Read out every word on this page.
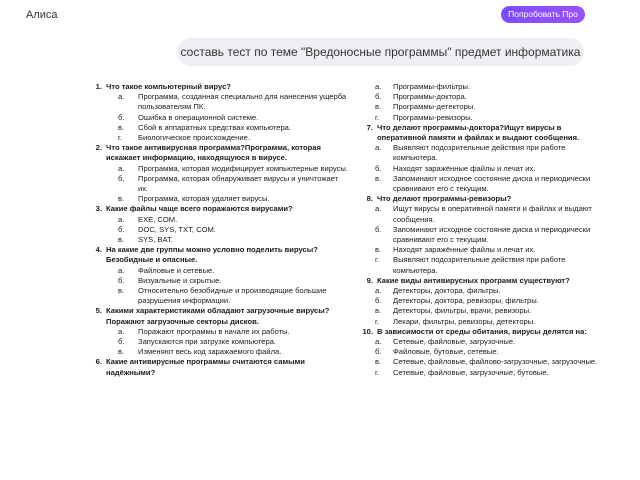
Алиса	Попробовать Про
составь тест по теме "Вредоносные программы" предмет информатика
1. Что такое компьютерный вирус?
а. Программа, созданная специально для нанесения ущерба пользователям ПК.
б. Ошибка в операционной системе.
в. Сбой в аппаратных средствах компьютера.
г. Биологическое происхождение.
2. Что такое антивирусная программа?Программа, которая искажает информацию, находящуюся в вирусе.
а. Программа, которая модифицирует компьютерные вирусы.
б. Программа, которая обнаруживает вирусы и уничтожает их.
в. Программа, которая удаляет вирусы.
3. Какие файлы чаще всего поражаются вирусами?
а. EXE, COM.
б. DOC, SYS, TXT, COM.
в. SYS, BAT.
4. На какие две группы можно условно поделить вирусы?Безобидные и опасные.
а. Файловые и сетевые.
б. Визуальные и скрытые.
в. Относительно безобидные и производящие большие разрушения информации.
5. Какими характеристиками обладают загрузочные вирусы?Поражают загрузочные секторы дисков.
а. Поражают программы в начале их работы.
б. Запускаются при загрузке компьютера.
в. Изменяют весь код заражаемого файла.
6. Какие антивирусные программы считаются самыми надёжными?
а. Программы-фильтры.
б. Программы-доктора.
в. Программы-детекторы.
г. Программы-ревизоры.
7. Что делают программы-доктора?Ищут вирусы в оперативной памяти и файлах и выдают сообщения.
а. Выявляют подозрительные действия при работе компьютера.
б. Находят заражённые файлы и лечат их.
в. Запоминают исходное состояние диска и периодически сравнивают его с текущим.
8. Что делают программы-ревизоры?
а. Ищут вирусы в оперативной памяти и файлах и выдают сообщения.
б. Запоминают исходное состояние диска и периодически сравнивают его с текущим.
в. Находят заражённые файлы и лечат их.
г. Выявляют подозрительные действия при работе компьютера.
9. Какие виды антивирусных программ существуют?
а. Детекторы, доктора, фильтры.
б. Детекторы, доктора, ревизоры, фильтры.
в. Детекторы, фильтры, врачи, ревизоры.
г. Лекари, фильтры, ревизоры, детекторы.
10. В зависимости от среды обитания, вирусы делятся на:
а. Сетевые, файловые, загрузочные.
б. Файловые, бутовые, сетевые.
в. Сетевые, файловые, файлово-загрузочные, загрузочные.
г. Сетевые, файловые, загрузочные, бутовые.
